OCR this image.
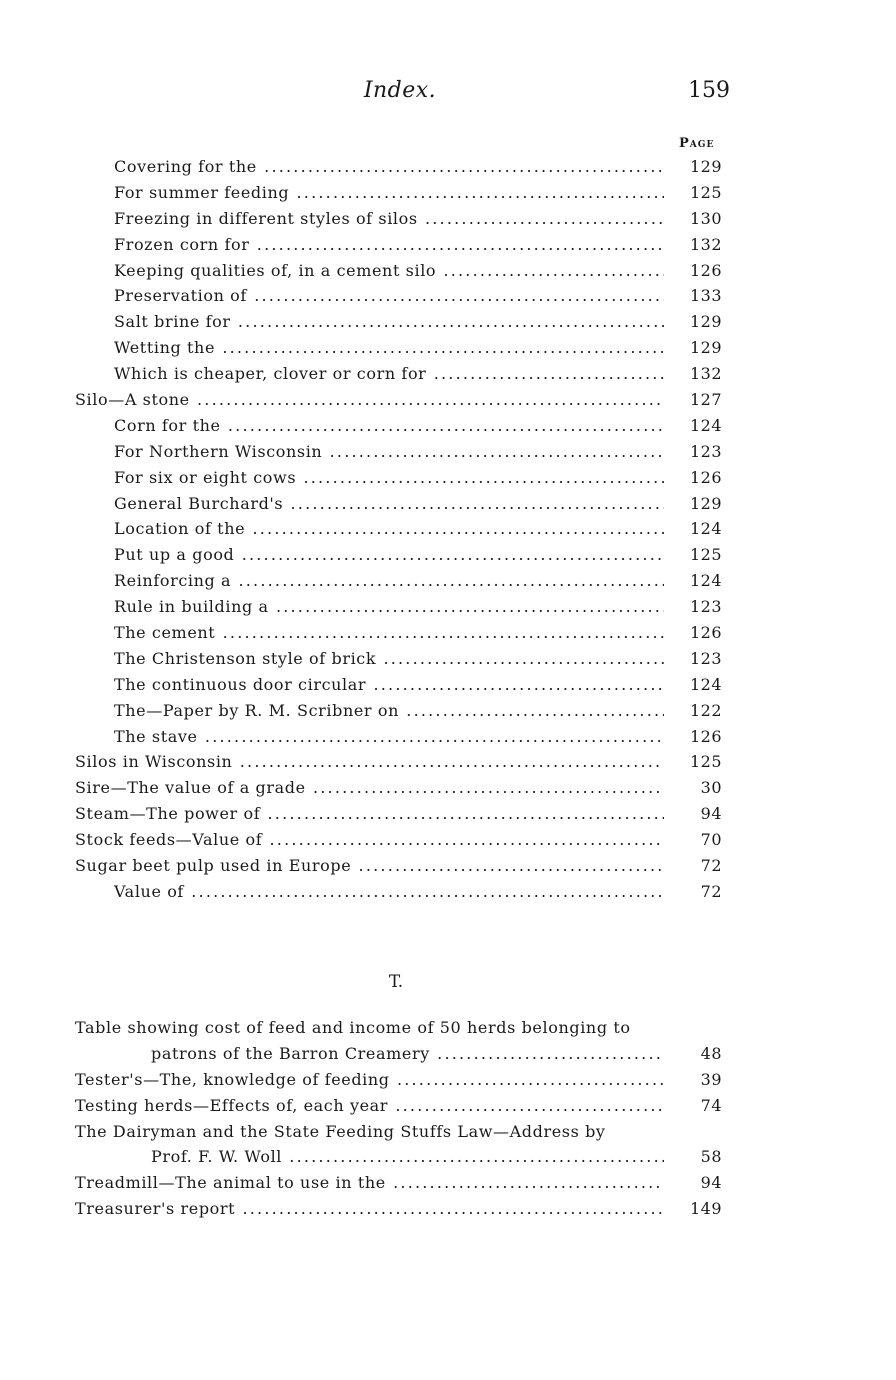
Index.	159
Page
Covering for the .....	129
For summer feeding .....	125
Freezing in different styles of silos .....	130
Frozen corn for .....	132
Keeping qualities of, in a cement silo .....	126
Preservation of .....	133
Salt brine for .....	129
Wetting the .....	129
Which is cheaper, clover or corn for .....	132
Silo—A stone .....	127
Corn for the .....	124
For Northern Wisconsin .....	123
For six or eight cows .....	126
General Burchard's .....	129
Location of the .....	124
Put up a good .....	125
Reinforcing a .....	124
Rule in building a .....	123
The cement .....	126
The Christenson style of brick .....	123
The continuous door circular .....	124
The—Paper by R. M. Scribner on .....	122
The stave .....	126
Silos in Wisconsin .....	125
Sire—The value of a grade .....	30
Steam—The power of .....	94
Stock feeds—Value of .....	70
Sugar beet pulp used in Europe .....	72
Value of .....	72
T.
Table showing cost of feed and income of 50 herds belonging to
patrons of the Barron Creamery .....	48
Tester's—The, knowledge of feeding .....	39
Testing herds—Effects of, each year .....	74
The Dairyman and the State Feeding Stuffs Law—Address by
Prof. F. W. Woll .....	58
Treadmill—The animal to use in the .....	94
Treasurer's report .....	149
